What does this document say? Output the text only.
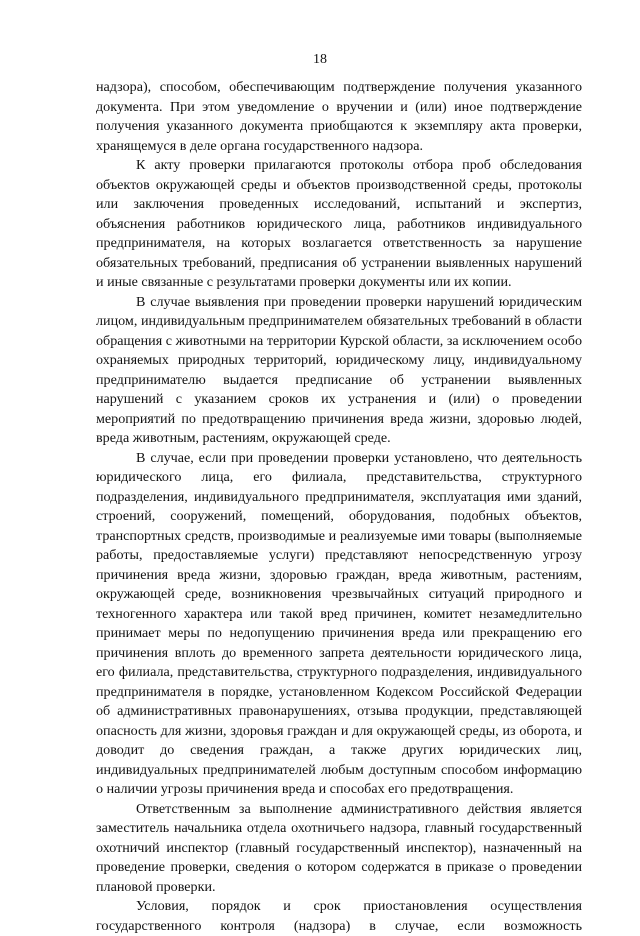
18

надзора), способом, обеспечивающим подтверждение получения указанного документа. При этом уведомление о вручении и (или) иное подтверждение получения указанного документа приобщаются к экземпляру акта проверки, хранящемуся в деле органа государственного надзора.

К акту проверки прилагаются протоколы отбора проб обследования объектов окружающей среды и объектов производственной среды, протоколы или заключения проведенных исследований, испытаний и экспертиз, объяснения работников юридического лица, работников индивидуального предпринимателя, на которых возлагается ответственность за нарушение обязательных требований, предписания об устранении выявленных нарушений и иные связанные с результатами проверки документы или их копии.

В случае выявления при проведении проверки нарушений юридическим лицом, индивидуальным предпринимателем обязательных требований в области обращения с животными на территории Курской области, за исключением особо охраняемых природных территорий, юридическому лицу, индивидуальному предпринимателю выдается предписание об устранении выявленных нарушений с указанием сроков их устранения и (или) о проведении мероприятий по предотвращению причинения вреда жизни, здоровью людей, вреда животным, растениям, окружающей среде.

В случае, если при проведении проверки установлено, что деятельность юридического лица, его филиала, представительства, структурного подразделения, индивидуального предпринимателя, эксплуатация ими зданий, строений, сооружений, помещений, оборудования, подобных объектов, транспортных средств, производимые и реализуемые ими товары (выполняемые работы, предоставляемые услуги) представляют непосредственную угрозу причинения вреда жизни, здоровью граждан, вреда животным, растениям, окружающей среде, возникновения чрезвычайных ситуаций природного и техногенного характера или такой вред причинен, комитет незамедлительно принимает меры по недопущению причинения вреда или прекращению его причинения вплоть до временного запрета деятельности юридического лица, его филиала, представительства, структурного подразделения, индивидуального предпринимателя в порядке, установленном Кодексом Российской Федерации об административных правонарушениях, отзыва продукции, представляющей опасность для жизни, здоровья граждан и для окружающей среды, из оборота, и доводит до сведения граждан, а также других юридических лиц, индивидуальных предпринимателей любым доступным способом информацию о наличии угрозы причинения вреда и способах его предотвращения.

Ответственным за выполнение административного действия является заместитель начальника отдела охотничьего надзора, главный государственный охотничий инспектор (главный государственный инспектор), назначенный на проведение проверки, сведения о котором содержатся в приказе о проведении плановой проверки.

Условия, порядок и срок приостановления осуществления государственного контроля (надзора) в случае, если возможность
